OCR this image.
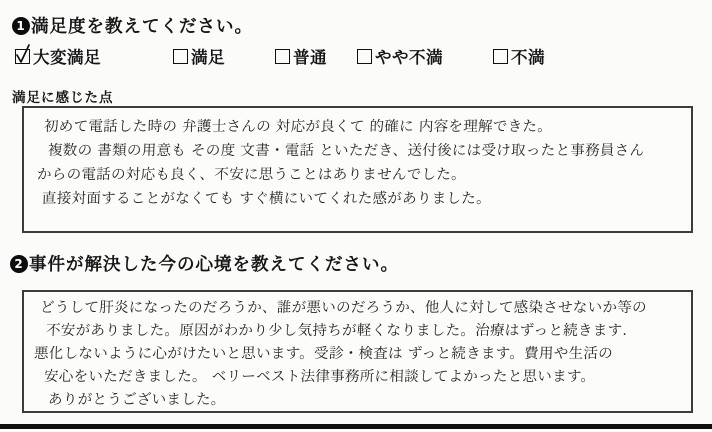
1 満足度を教えてください。
大変満足	満足	普通	やや不満	不満
満足に感じた点
初めて電話した時の 弁護士さんの 対応が良くて 的確に 内容を理解できた。
複数の 書類の用意も その度 文書・電話 といただき、送付後には受け取ったと事務員さん
からの電話の対応も良く、不安に思うことはありませんでした。
直接対面することがなくても すぐ横にいてくれた感がありました。
2 事件が解決した今の心境を教えてください。
どうして肝炎になったのだろうか、誰が悪いのだろうか、他人に対して感染させないか等の
不安がありました。原因がわかり少し気持ちが軽くなりました。治療はずっと続きます.
悪化しないように心がけたいと思います。受診・検査は ずっと続きます。費用や生活の
安心をいただきました。 ベリーベスト法律事務所に相談してよかったと思います。
ありがとうございました。
